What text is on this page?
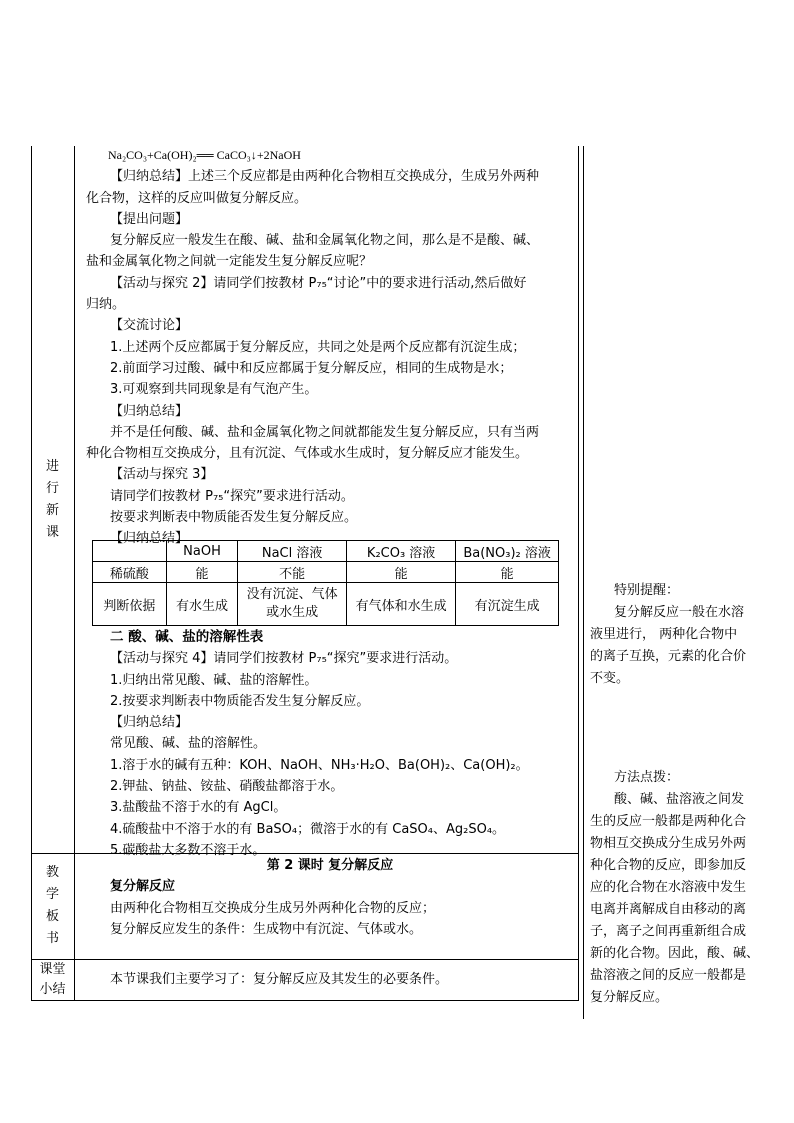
进
行
新
课
教
学
板
书
课堂
小结

Na₂CO₃+Ca(OH)₂══ CaCO₃↓+2NaOH

【归纳总结】上述三个反应都是由两种化合物相互交换成分，生成另外两种

化合物，这样的反应叫做复分解反应。

【提出问题】

复分解反应一般发生在酸、碱、盐和金属氧化物之间，那么是不是酸、碱、

盐和金属氧化物之间就一定能发生复分解反应呢？

【活动与探究 2】请同学们按教材 P₇₅“讨论”中的要求进行活动,然后做好

归纳。

【交流讨论】

1.上述两个反应都属于复分解反应，共同之处是两个反应都有沉淀生成；

2.前面学习过酸、碱中和反应都属于复分解反应，相同的生成物是水；

3.可观察到共同现象是有气泡产生。

【归纳总结】

并不是任何酸、碱、盐和金属氧化物之间就都能发生复分解反应，只有当两

种化合物相互交换成分，且有沉淀、气体或水生成时，复分解反应才能发生。

【活动与探究 3】

请同学们按教材 P₇₅“探究”要求进行活动。

按要求判断表中物质能否发生复分解反应。

【归纳总结】

	NaOH	NaCl 溶液	K₂CO₃ 溶液	Ba(NO₃)₂ 溶液
稀硫酸	能	不能	能	能
判断依据	有水生成	没有沉淀、气体或水生成	有气体和水生成	有沉淀生成

二 酸、碱、盐的溶解性表

【活动与探究 4】请同学们按教材 P₇₅“探究”要求进行活动。

1.归纳出常见酸、碱、盐的溶解性。

2.按要求判断表中物质能否发生复分解反应。

【归纳总结】

常见酸、碱、盐的溶解性。

1.溶于水的碱有五种：KOH、NaOH、NH₃·H₂O、Ba(OH)₂、Ca(OH)₂。

2.钾盐、钠盐、铵盐、硝酸盐都溶于水。

3.盐酸盐不溶于水的有 AgCl。

4.硫酸盐中不溶于水的有 BaSO₄；微溶于水的有 CaSO₄、Ag₂SO₄。

5.碳酸盐大多数不溶于水。

第 2 课时 复分解反应

复分解反应

由两种化合物相互交换成分生成另外两种化合物的反应；

复分解反应发生的条件：生成物中有沉淀、气体或水。

本节课我们主要学习了：复分解反应及其发生的必要条件。

特别提醒：

复分解反应一般在水溶

液里进行， 两种化合物中

的离子互换，元素的化合价

不变。

方法点拨：

酸、碱、盐溶液之间发

生的反应一般都是两种化合

物相互交换成分生成另外两

种化合物的反应，即参加反

应的化合物在水溶液中发生

电离并离解成自由移动的离

子，离子之间再重新组合成

新的化合物。因此，酸、碱、

盐溶液之间的反应一般都是

复分解反应。
